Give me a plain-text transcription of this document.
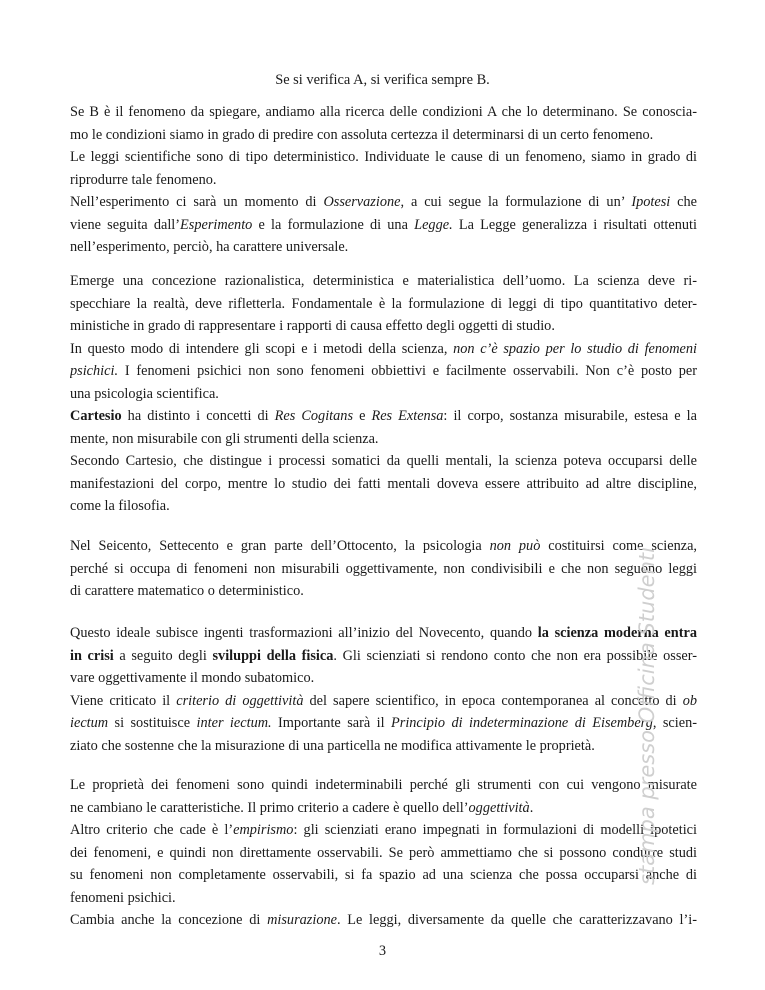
Se si verifica A, si verifica sempre B.
Se B è il fenomeno da spiegare, andiamo alla ricerca delle condizioni A che lo determinano. Se conoscia-
mo le condizioni siamo in grado di predire con assoluta certezza il determinarsi di un certo fenomeno.
Le leggi scientifiche sono di tipo deterministico. Individuate le cause di un fenomeno, siamo in grado di
riprodurre tale fenomeno.
Nell’esperimento ci sarà un momento di Osservazione, a cui segue la formulazione di un’ Ipotesi che
viene seguita dall’Esperimento e la formulazione di una Legge. La Legge generalizza i risultati ottenuti
nell’esperimento, perciò, ha carattere universale.
Emerge una concezione razionalistica, deterministica e materialistica dell’uomo. La scienza deve ri-
specchiare la realtà, deve rifletterla. Fondamentale è la formulazione di leggi di tipo quantitativo deter-
ministiche in grado di rappresentare i rapporti di causa effetto degli oggetti di studio.
In questo modo di intendere gli scopi e i metodi della scienza, non c’è spazio per lo studio di fenomeni
psichici. I fenomeni psichici non sono fenomeni obbiettivi e facilmente osservabili. Non c’è posto per
una psicologia scientifica.
Cartesio ha distinto i concetti di Res Cogitans e Res Extensa: il corpo, sostanza misurabile, estesa e la
mente, non misurabile con gli strumenti della scienza.
Secondo Cartesio, che distingue i processi somatici da quelli mentali, la scienza poteva occuparsi delle
manifestazioni del corpo, mentre lo studio dei fatti mentali doveva essere attribuito ad altre discipline,
come la filosofia.
Nel Seicento, Settecento e gran parte dell’Ottocento, la psicologia non può costituirsi come scienza,
perché si occupa di fenomeni non misurabili oggettivamente, non condivisibili e che non seguono leggi
di carattere matematico o deterministico.
Questo ideale subisce ingenti trasformazioni all’inizio del Novecento, quando la scienza moderna entra
in crisi a seguito degli sviluppi della fisica. Gli scienziati si rendono conto che non era possibile osser-
vare oggettivamente il mondo subatomico.
Viene criticato il criterio di oggettività del sapere scientifico, in epoca contemporanea al concetto di ob
iectum si sostituisce inter iectum. Importante sarà il Principio di indeterminazione di Eisemberg, scien-
ziato che sostenne che la misurazione di una particella ne modifica attivamente le proprietà.
Le proprietà dei fenomeni sono quindi indeterminabili perché gli strumenti con cui vengono misurate
ne cambiano le caratteristiche. Il primo criterio a cadere è quello dell’oggettività.
Altro criterio che cade è l’empirismo: gli scienziati erano impegnati in formulazioni di modelli ipotetici
dei fenomeni, e quindi non direttamente osservabili. Se però ammettiamo che si possono condurre studi
su fenomeni non completamente osservabili, si fa spazio ad una scienza che possa occuparsi anche di
fenomeni psichici.
Cambia anche la concezione di misurazione. Le leggi, diversamente da quelle che caratterizzavano l’i-
stampa presso Officina Studenti
3
